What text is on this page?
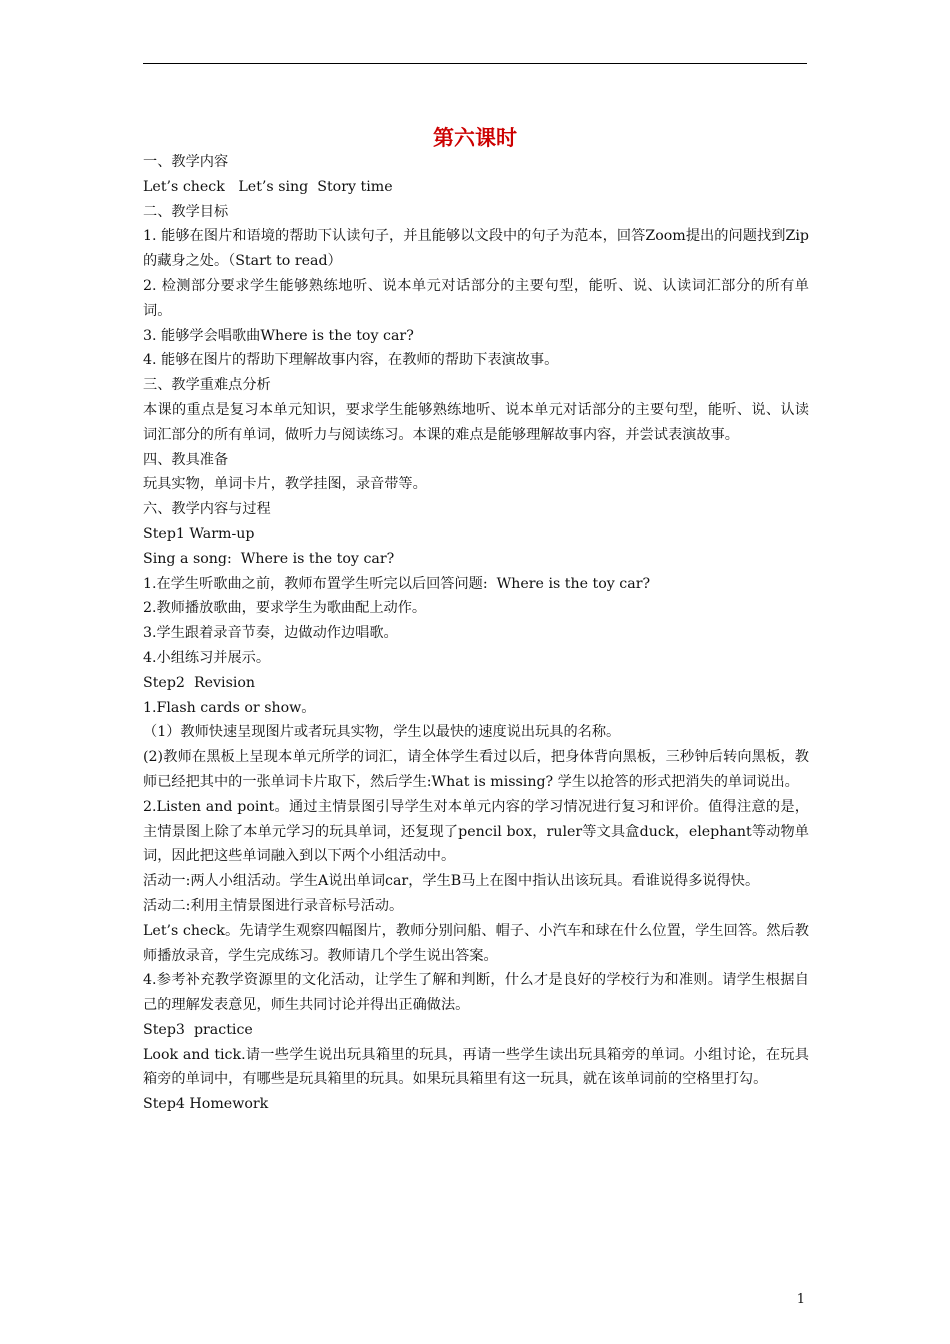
第六课时

一、教学内容

Let’s check   Let’s sing  Story time

二、教学目标

1. 能够在图片和语境的帮助下认读句子，并且能够以文段中的句子为范本，回答Zoom提出的问题找到Zip的藏身之处。（Start to read）

2. 检测部分要求学生能够熟练地听、说本单元对话部分的主要句型，能听、说、认读词汇部分的所有单词。

3. 能够学会唱歌曲Where is the toy car?

4. 能够在图片的帮助下理解故事内容，在教师的帮助下表演故事。

三、教学重难点分析

本课的重点是复习本单元知识，要求学生能够熟练地听、说本单元对话部分的主要句型，能听、说、认读词汇部分的所有单词，做听力与阅读练习。本课的难点是能够理解故事内容，并尝试表演故事。

四、教具准备

玩具实物，单词卡片，教学挂图，录音带等。

六、教学内容与过程

Step1 Warm-up

Sing a song:  Where is the toy car?

1.在学生听歌曲之前，教师布置学生听完以后回答问题:  Where is the toy car?

2.教师播放歌曲，要求学生为歌曲配上动作。

3.学生跟着录音节奏，边做动作边唱歌。

4.小组练习并展示。

Step2  Revision

1.Flash cards or show。

（1）教师快速呈现图片或者玩具实物，学生以最快的速度说出玩具的名称。

(2)教师在黑板上呈现本单元所学的词汇，请全体学生看过以后，把身体背向黑板，三秒钟后转向黑板，教师已经把其中的一张单词卡片取下，然后学生:What is missing? 学生以抢答的形式把消失的单词说出。

2.Listen and point。通过主情景图引导学生对本单元内容的学习情况进行复习和评价。值得注意的是，主情景图上除了本单元学习的玩具单词，还复现了pencil box，ruler等文具盒duck，elephant等动物单词，因此把这些单词融入到以下两个小组活动中。

活动一:两人小组活动。学生A说出单词car，学生B马上在图中指认出该玩具。看谁说得多说得快。

活动二:利用主情景图进行录音标号活动。

Let’s check。先请学生观察四幅图片，教师分别问船、帽子、小汽车和球在什么位置，学生回答。然后教师播放录音，学生完成练习。教师请几个学生说出答案。

4.参考补充教学资源里的文化活动，让学生了解和判断，什么才是良好的学校行为和准则。请学生根据自己的理解发表意见，师生共同讨论并得出正确做法。

Step3  practice

Look and tick.请一些学生说出玩具箱里的玩具，再请一些学生读出玩具箱旁的单词。小组讨论，在玩具箱旁的单词中，有哪些是玩具箱里的玩具。如果玩具箱里有这一玩具，就在该单词前的空格里打勾。

Step4 Homework

1
